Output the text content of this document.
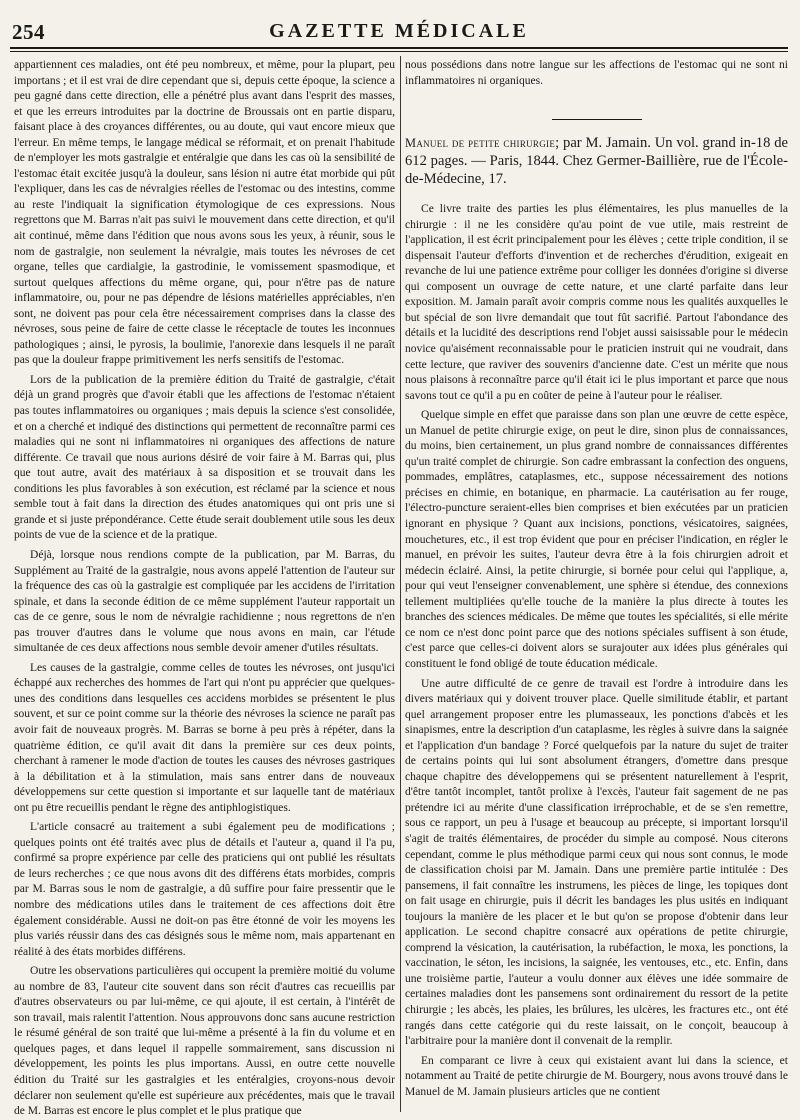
254	GAZETTE MÉDICALE

appartiennent ces maladies, ont été peu nombreux, et même, pour la plupart, peu importans ; et il est vrai de dire cependant que si, depuis cette époque, la science a peu gagné dans cette direction, elle a pénétré plus avant dans l'esprit des masses, et que les erreurs introduites par la doctrine de Broussais ont en partie disparu, faisant place à des croyances différentes, ou au doute, qui vaut encore mieux que l'erreur. En même temps, le langage médical se réformait, et on prenait l'habitude de n'employer les mots gastralgie et entéralgie que dans les cas où la sensibilité de l'estomac était excitée jusqu'à la douleur, sans lésion ni autre état morbide qui pût l'expliquer, dans les cas de névralgies réelles de l'estomac ou des intestins, comme au reste l'indiquait la signification étymologique de ces expressions. Nous regrettons que M. Barras n'ait pas suivi le mouvement dans cette direction, et qu'il ait continué, même dans l'édition que nous avons sous les yeux, à réunir, sous le nom de gastralgie, non seulement la névralgie, mais toutes les névroses de cet organe, telles que cardialgie, la gastrodinie, le vomissement spasmodique, et surtout quelques affections du même organe, qui, pour n'être pas de nature inflammatoire, ou, pour ne pas dépendre de lésions matérielles appréciables, n'en sont, ne doivent pas pour cela être nécessairement comprises dans la classe des névroses, sous peine de faire de cette classe le réceptacle de toutes les inconnues pathologiques ; ainsi, le pyrosis, la boulimie, l'anorexie dans lesquels il ne paraît pas que la douleur frappe primitivement les nerfs sensitifs de l'estomac.

Lors de la publication de la première édition du Traité de gastralgie, c'était déjà un grand progrès que d'avoir établi que les affections de l'estomac n'étaient pas toutes inflammatoires ou organiques ; mais depuis la science s'est consolidée, et on a cherché et indiqué des distinctions qui permettent de reconnaître parmi ces maladies qui ne sont ni inflammatoires ni organiques des affections de nature différente. Ce travail que nous aurions désiré de voir faire à M. Barras qui, plus que tout autre, avait des matériaux à sa disposition et se trouvait dans les conditions les plus favorables à son exécution, est réclamé par la science et nous semble tout à fait dans la direction des études anatomiques qui ont pris une si grande et si juste prépondérance. Cette étude serait doublement utile sous les deux points de vue de la science et de la pratique.

Déjà, lorsque nous rendions compte de la publication, par M. Barras, du Supplément au Traité de la gastralgie, nous avons appelé l'attention de l'auteur sur la fréquence des cas où la gastralgie est compliquée par les accidens de l'irritation spinale, et dans la seconde édition de ce même supplément l'auteur rapportait un cas de ce genre, sous le nom de névralgie rachidienne ; nous regrettons de n'en pas trouver d'autres dans le volume que nous avons en main, car l'étude simultanée de ces deux affections nous semble devoir amener d'utiles résultats.

Les causes de la gastralgie, comme celles de toutes les névroses, ont jusqu'ici échappé aux recherches des hommes de l'art qui n'ont pu apprécier que quelques-unes des conditions dans lesquelles ces accidens morbides se présentent le plus souvent, et sur ce point comme sur la théorie des névroses la science ne paraît pas avoir fait de nouveaux progrès. M. Barras se borne à peu près à répéter, dans la quatrième édition, ce qu'il avait dit dans la première sur ces deux points, cherchant à ramener le mode d'action de toutes les causes des névroses gastriques à la débilitation et à la stimulation, mais sans entrer dans de nouveaux développemens sur cette question si importante et sur laquelle tant de matériaux ont pu être recueillis pendant le règne des antiphlogistiques.

L'article consacré au traitement a subi également peu de modifications ; quelques points ont été traités avec plus de détails et l'auteur a, quand il l'a pu, confirmé sa propre expérience par celle des praticiens qui ont publié les résultats de leurs recherches ; ce que nous avons dit des différens états morbides, compris par M. Barras sous le nom de gastralgie, a dû suffire pour faire pressentir que le nombre des médications utiles dans le traitement de ces affections doit être également considérable. Aussi ne doit-on pas être étonné de voir les moyens les plus variés réussir dans des cas désignés sous le même nom, mais appartenant en réalité à des états morbides différens.

Outre les observations particulières qui occupent la première moitié du volume au nombre de 83, l'auteur cite souvent dans son récit d'autres cas recueillis par d'autres observateurs ou par lui-même, ce qui ajoute, il est certain, à l'intérêt de son travail, mais ralentit l'attention. Nous approuvons donc sans aucune restriction le résumé général de son traité que lui-même a présenté à la fin du volume et en quelques pages, et dans lequel il rappelle sommairement, sans discussion ni développement, les points les plus importans. Aussi, en outre cette nouvelle édition du Traité sur les gastralgies et les entéralgies, croyons-nous devoir déclarer non seulement qu'elle est supérieure aux précédentes, mais que le travail de M. Barras est encore le plus complet et le plus pratique que

nous possédions dans notre langue sur les affections de l'estomac qui ne sont ni inflammatoires ni organiques.

Manuel de petite chirurgie; par M. Jamain. Un vol. grand in-18 de 612 pages. — Paris, 1844. Chez Germer-Baillière, rue de l'École-de-Médecine, 17.

Ce livre traite des parties les plus élémentaires, les plus manuelles de la chirurgie : il ne les considère qu'au point de vue utile, mais restreint de l'application, il est écrit principalement pour les élèves ; cette triple condition, il se dispensait l'auteur d'efforts d'invention et de recherches d'érudition, exigeait en revanche de lui une patience extrême pour colliger les données d'origine si diverse qui composent un ouvrage de cette nature, et une clarté parfaite dans leur exposition. M. Jamain paraît avoir compris comme nous les qualités auxquelles le but spécial de son livre demandait que tout fût sacrifié. Partout l'abondance des détails et la lucidité des descriptions rend l'objet aussi saisissable pour le médecin novice qu'aisément reconnaissable pour le praticien instruit qui ne voudrait, dans cette lecture, que raviver des souvenirs d'ancienne date. C'est un mérite que nous nous plaisons à reconnaître parce qu'il était ici le plus important et parce que nous savons tout ce qu'il a pu en coûter de peine à l'auteur pour le réaliser.

Quelque simple en effet que paraisse dans son plan une œuvre de cette espèce, un Manuel de petite chirurgie exige, on peut le dire, sinon plus de connaissances, du moins, bien certainement, un plus grand nombre de connaissances différentes qu'un traité complet de chirurgie. Son cadre embrassant la confection des onguens, pommades, emplâtres, cataplasmes, etc., suppose nécessairement des notions précises en chimie, en botanique, en pharmacie. La cautérisation au fer rouge, l'électro-puncture seraient-elles bien comprises et bien exécutées par un praticien ignorant en physique ? Quant aux incisions, ponctions, vésicatoires, saignées, mouchetures, etc., il est trop évident que pour en préciser l'indication, en régler le manuel, en prévoir les suites, l'auteur devra être à la fois chirurgien adroit et médecin éclairé. Ainsi, la petite chirurgie, si bornée pour celui qui l'applique, a, pour qui veut l'enseigner convenablement, une sphère si étendue, des connexions tellement multipliées qu'elle touche de la manière la plus directe à toutes les branches des sciences médicales. De même que toutes les spécialités, si elle mérite ce nom ce n'est donc point parce que des notions spéciales suffisent à son étude, c'est parce que celles-ci doivent alors se surajouter aux idées plus générales qui constituent le fond obligé de toute éducation médicale.

Une autre difficulté de ce genre de travail est l'ordre à introduire dans les divers matériaux qui y doivent trouver place. Quelle similitude établir, et partant quel arrangement proposer entre les plumasseaux, les ponctions d'abcès et les sinapismes, entre la description d'un cataplasme, les règles à suivre dans la saignée et l'application d'un bandage ? Forcé quelquefois par la nature du sujet de traiter de certains points qui lui sont absolument étrangers, d'omettre dans presque chaque chapitre des développemens qui se présentent naturellement à l'esprit, d'être tantôt incomplet, tantôt prolixe à l'excès, l'auteur fait sagement de ne pas prétendre ici au mérite d'une classification irréprochable, et de se s'en remettre, sous ce rapport, un peu à l'usage et beaucoup au précepte, si important lorsqu'il s'agit de traités élémentaires, de procéder du simple au composé. Nous citerons cependant, comme le plus méthodique parmi ceux qui nous sont connus, le mode de classification choisi par M. Jamain. Dans une première partie intitulée : Des pansemens, il fait connaître les instrumens, les pièces de linge, les topiques dont on fait usage en chirurgie, puis il décrit les bandages les plus usités en indiquant toujours la manière de les placer et le but qu'on se propose d'obtenir dans leur application. Le second chapitre consacré aux opérations de petite chirurgie, comprend la vésication, la cautérisation, la rubéfaction, le moxa, les ponctions, la vaccination, le séton, les incisions, la saignée, les ventouses, etc., etc. Enfin, dans une troisième partie, l'auteur a voulu donner aux élèves une idée sommaire de certaines maladies dont les pansemens sont ordinairement du ressort de la petite chirurgie ; les abcès, les plaies, les brûlures, les ulcères, les fractures etc., ont été rangés dans cette catégorie qui du reste laissait, on le conçoit, beaucoup à l'arbitraire pour la manière dont il convenait de la remplir.

En comparant ce livre à ceux qui existaient avant lui dans la science, et notamment au Traité de petite chirurgie de M. Bourgery, nous avons trouvé dans le Manuel de M. Jamain plusieurs articles que ne contient
